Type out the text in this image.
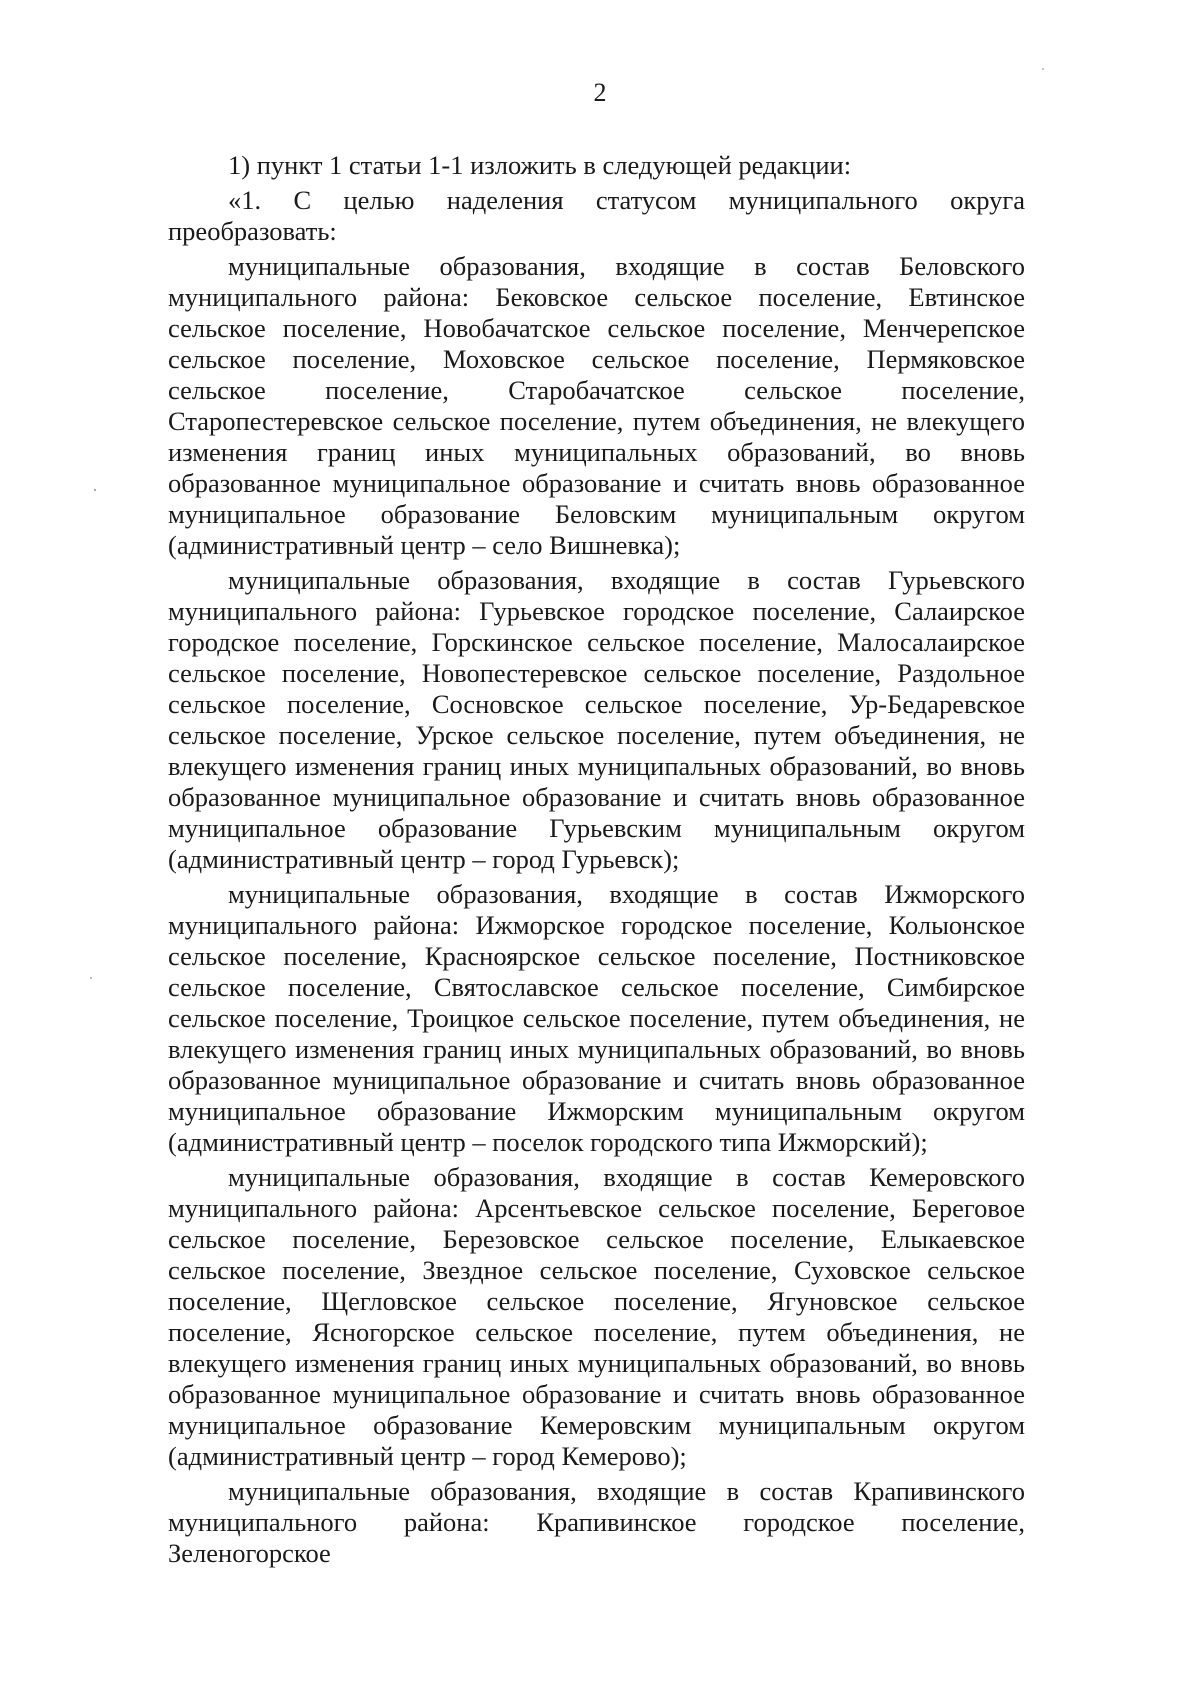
2

1) пункт 1 статьи 1-1 изложить в следующей редакции:

«1. С целью наделения статусом муниципального округа преобразовать:

муниципальные образования, входящие в состав Беловского муниципального района: Бековское сельское поселение, Евтинское сельское поселение, Новобачатское сельское поселение, Менчерепское сельское поселение, Моховское сельское поселение, Пермяковское сельское поселение, Старобачатское сельское поселение, Старопестеревское сельское поселение, путем объединения, не влекущего изменения границ иных муниципальных образований, во вновь образованное муниципальное образование и считать вновь образованное муниципальное образование Беловским муниципальным округом (административный центр – село Вишневка);

муниципальные образования, входящие в состав Гурьевского муниципального района: Гурьевское городское поселение, Салаирское городское поселение, Горскинское сельское поселение, Малосалаирское сельское поселение, Новопестеревское сельское поселение, Раздольное сельское поселение, Сосновское сельское поселение, Ур-Бедаревское сельское поселение, Урское сельское поселение, путем объединения, не влекущего изменения границ иных муниципальных образований, во вновь образованное муниципальное образование и считать вновь образованное муниципальное образование Гурьевским муниципальным округом (административный центр – город Гурьевск);

муниципальные образования, входящие в состав Ижморского муниципального района: Ижморское городское поселение, Колыонское сельское поселение, Красноярское сельское поселение, Постниковское сельское поселение, Святославское сельское поселение, Симбирское сельское поселение, Троицкое сельское поселение, путем объединения, не влекущего изменения границ иных муниципальных образований, во вновь образованное муниципальное образование и считать вновь образованное муниципальное образование Ижморским муниципальным округом (административный центр – поселок городского типа Ижморский);

муниципальные образования, входящие в состав Кемеровского муниципального района: Арсентьевское сельское поселение, Береговое сельское поселение, Березовское сельское поселение, Елыкаевское сельское поселение, Звездное сельское поселение, Суховское сельское поселение, Щегловское сельское поселение, Ягуновское сельское поселение, Ясногорское сельское поселение, путем объединения, не влекущего изменения границ иных муниципальных образований, во вновь образованное муниципальное образование и считать вновь образованное муниципальное образование Кемеровским муниципальным округом (административный центр – город Кемерово);

муниципальные образования, входящие в состав Крапивинского муниципального района: Крапивинское городское поселение, Зеленогорское
